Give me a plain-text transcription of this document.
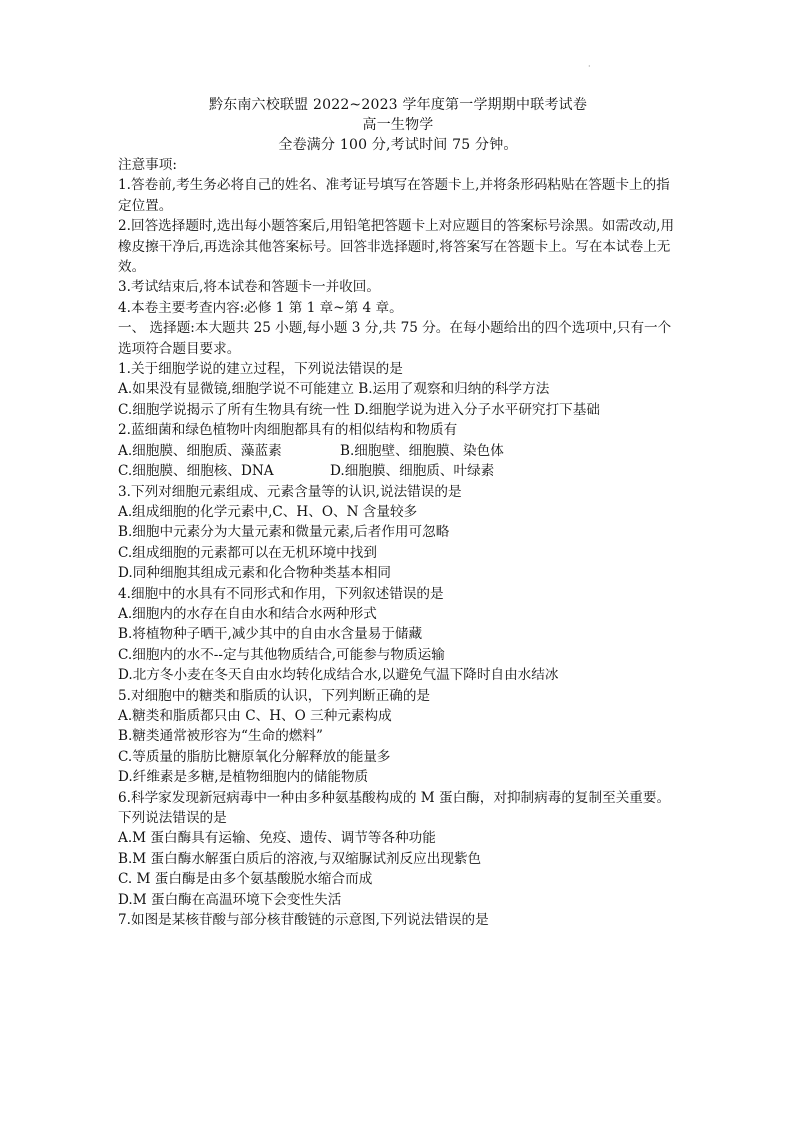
·
黔东南六校联盟 2022~2023 学年度第一学期期中联考试卷
高一生物学
全卷满分 100 分,考试时间 75 分钟。

注意事项:

1.答卷前,考生务必将自己的姓名、准考证号填写在答题卡上,并将条形码粘贴在答题卡上的指定位置。

2.回答选择题时,选出每小题答案后,用铅笔把答题卡上对应题目的答案标号涂黑。如需改动,用橡皮擦干净后,再选涂其他答案标号。回答非选择题时,将答案写在答题卡上。写在本试卷上无效。

3.考试结束后,将本试卷和答题卡一并收回。

4.本卷主要考查内容:必修 1 第 1 章~第 4 章。

一、 选择题:本大题共 25 小题,每小题 3 分,共 75 分。在每小题给出的四个选项中,只有一个选项符合题目要求。

1.关于细胞学说的建立过程，下列说法错误的是

A.如果没有显微镜,细胞学说不可能建立 B.运用了观察和归纳的科学方法

C.细胞学说揭示了所有生物具有统一性 D.细胞学说为进入分子水平研究打下基础

2.蓝细菌和绿色植物叶肉细胞都具有的相似结构和物质有

A.细胞膜、细胞质、藻蓝素	B.细胞壁、细胞膜、染色体
C.细胞膜、细胞核、DNA	D.细胞膜、细胞质、叶绿素

3.下列对细胞元素组成、元素含量等的认识,说法错误的是

A.组成细胞的化学元素中,C、H、O、N 含量较多

B.细胞中元素分为大量元素和微量元素,后者作用可忽略

C.组成细胞的元素都可以在无机环境中找到

D.同种细胞其组成元素和化合物种类基本相同

4.细胞中的水具有不同形式和作用，下列叙述错误的是

A.细胞内的水存在自由水和结合水两种形式

B.将植物种子晒干,减少其中的自由水含量易于储藏

C.细胞内的水不--定与其他物质结合,可能参与物质运输

D.北方冬小麦在冬天自由水均转化成结合水,以避免气温下降时自由水结冰

5.对细胞中的糖类和脂质的认识，下列判断正确的是

A.糖类和脂质都只由 C、H、O 三种元素构成

B.糖类通常被形容为“生命的燃料”

C.等质量的脂肪比糖原氧化分解释放的能量多

D.纤维素是多糖,是植物细胞内的储能物质

6.科学家发现新冠病毒中一种由多种氨基酸构成的 M 蛋白酶，对抑制病毒的复制至关重要。

下列说法错误的是

A.M 蛋白酶具有运输、免疫、遗传、调节等各种功能

B.M 蛋白酶水解蛋白质后的溶液,与双缩脲试剂反应出现紫色

C. M 蛋白酶是由多个氨基酸脱水缩合而成

D.M 蛋白酶在高温环境下会变性失活

7.如图是某核苷酸与部分核苷酸链的示意图,下列说法错误的是
